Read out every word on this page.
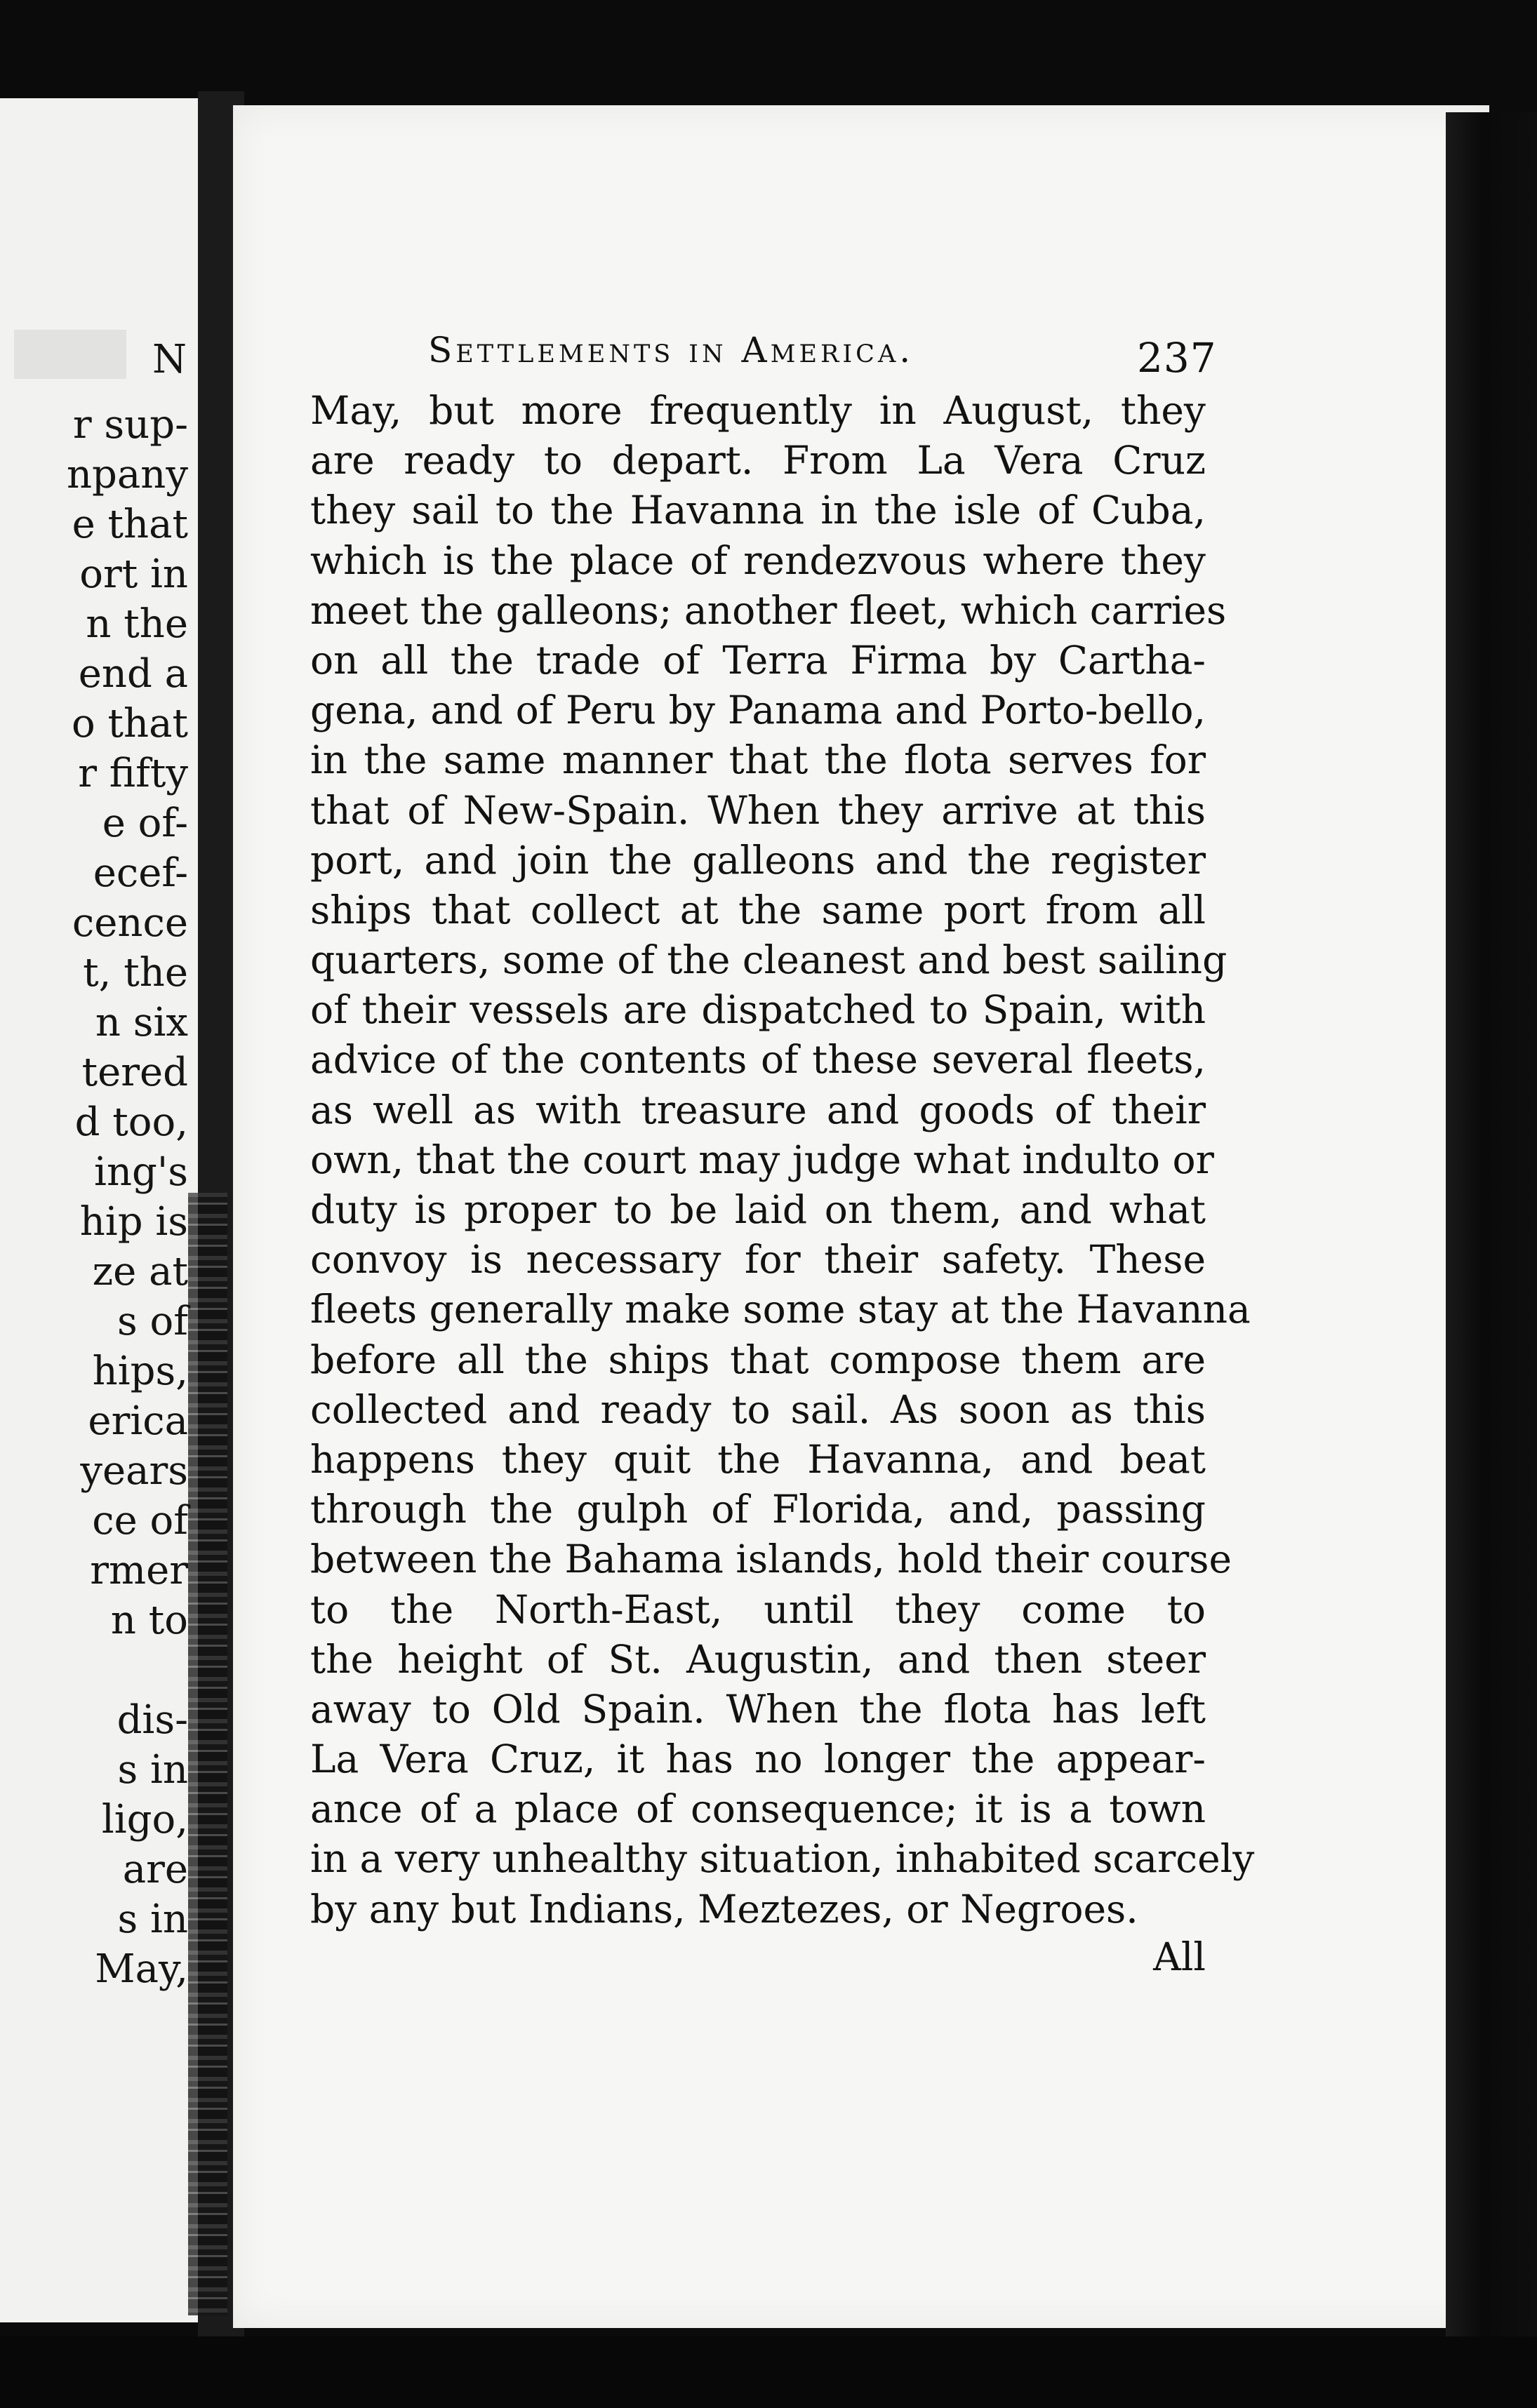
N
r sup-
npany
e that
ort in
n the
end a
o that
r fifty
e of-
ecef-
cence
t, the
n six
tered
d too,
ing's
hip is
ze at
s of
hips,
erica
years
ce of
rmer
n to
dis-
s in
ligo,
are
s in
May,
Settlements in America.	237
May, but more frequently in August, they
are ready to depart. From La Vera Cruz
they sail to the Havanna in the isle of Cuba,
which is the place of rendezvous where they
meet the galleons; another fleet, which carries
on all the trade of Terra Firma by Cartha-
gena, and of Peru by Panama and Porto-bello,
in the same manner that the flota serves for
that of New-Spain. When they arrive at this
port, and join the galleons and the register
ships that collect at the same port from all
quarters, some of the cleanest and best sailing
of their vessels are dispatched to Spain, with
advice of the contents of these several fleets,
as well as with treasure and goods of their
own, that the court may judge what indulto or
duty is proper to be laid on them, and what
convoy is necessary for their safety. These
fleets generally make some stay at the Havanna
before all the ships that compose them are
collected and ready to sail. As soon as this
happens they quit the Havanna, and beat
through the gulph of Florida, and, passing
between the Bahama islands, hold their course
to the North-East, until they come to
the height of St. Augustin, and then steer
away to Old Spain. When the flota has left
La Vera Cruz, it has no longer the appear-
ance of a place of consequence; it is a town
in a very unhealthy situation, inhabited scarcely
by any but Indians, Meztezes, or Negroes.
All
